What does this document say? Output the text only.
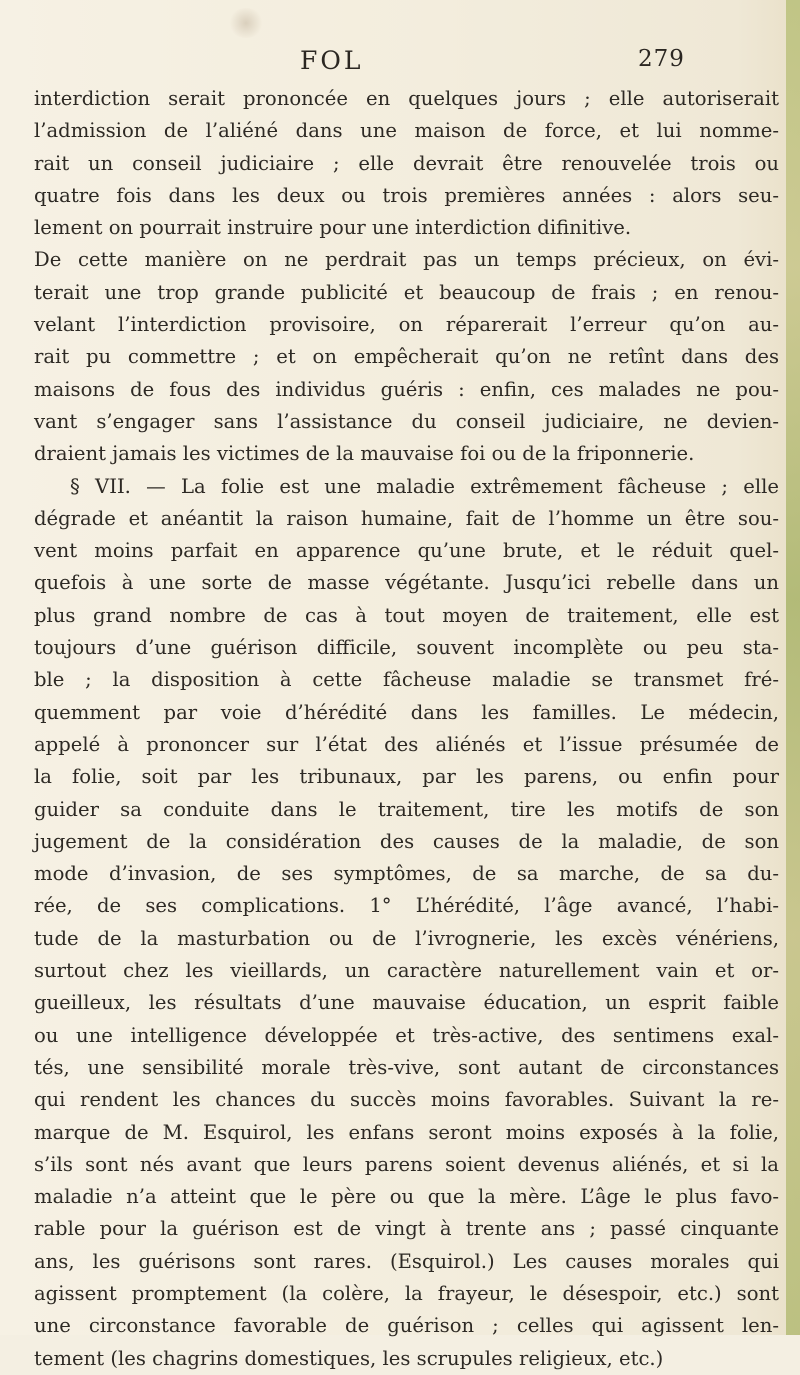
FOL	279
interdiction serait prononcée en quelques jours ; elle autoriserait
l’admission de l’aliéné dans une maison de force, et lui nomme-
rait un conseil judiciaire ; elle devrait être renouvelée trois ou
quatre fois dans les deux ou trois premières années : alors seu-
lement on pourrait instruire pour une interdiction difinitive.
De cette manière on ne perdrait pas un temps précieux, on évi-
terait une trop grande publicité et beaucoup de frais ; en renou-
velant l’interdiction provisoire, on réparerait l’erreur qu’on au-
rait pu commettre ; et on empêcherait qu’on ne retînt dans des
maisons de fous des individus guéris : enfin, ces malades ne pou-
vant s’engager sans l’assistance du conseil judiciaire, ne devien-
draient jamais les victimes de la mauvaise foi ou de la friponnerie.
§ VII. — La folie est une maladie extrêmement fâcheuse ; elle
dégrade et anéantit la raison humaine, fait de l’homme un être sou-
vent moins parfait en apparence qu’une brute, et le réduit quel-
quefois à une sorte de masse végétante. Jusqu’ici rebelle dans un
plus grand nombre de cas à tout moyen de traitement, elle est
toujours d’une guérison difficile, souvent incomplète ou peu sta-
ble ; la disposition à cette fâcheuse maladie se transmet fré-
quemment par voie d’hérédité dans les familles. Le médecin,
appelé à prononcer sur l’état des aliénés et l’issue présumée de
la folie, soit par les tribunaux, par les parens, ou enfin pour
guider sa conduite dans le traitement, tire les motifs de son
jugement de la considération des causes de la maladie, de son
mode d’invasion, de ses symptômes, de sa marche, de sa du-
rée, de ses complications. 1° L’hérédité, l’âge avancé, l’habi-
tude de la masturbation ou de l’ivrognerie, les excès vénériens,
surtout chez les vieillards, un caractère naturellement vain et or-
gueilleux, les résultats d’une mauvaise éducation, un esprit faible
ou une intelligence développée et très-active, des sentimens exal-
tés, une sensibilité morale très-vive, sont autant de circonstances
qui rendent les chances du succès moins favorables. Suivant la re-
marque de M. Esquirol, les enfans seront moins exposés à la folie,
s’ils sont nés avant que leurs parens soient devenus aliénés, et si la
maladie n’a atteint que le père ou que la mère. L’âge le plus favo-
rable pour la guérison est de vingt à trente ans ; passé cinquante
ans, les guérisons sont rares. (Esquirol.) Les causes morales qui
agissent promptement (la colère, la frayeur, le désespoir, etc.) sont
une circonstance favorable de guérison ; celles qui agissent len-
tement (les chagrins domestiques, les scrupules religieux, etc.)
